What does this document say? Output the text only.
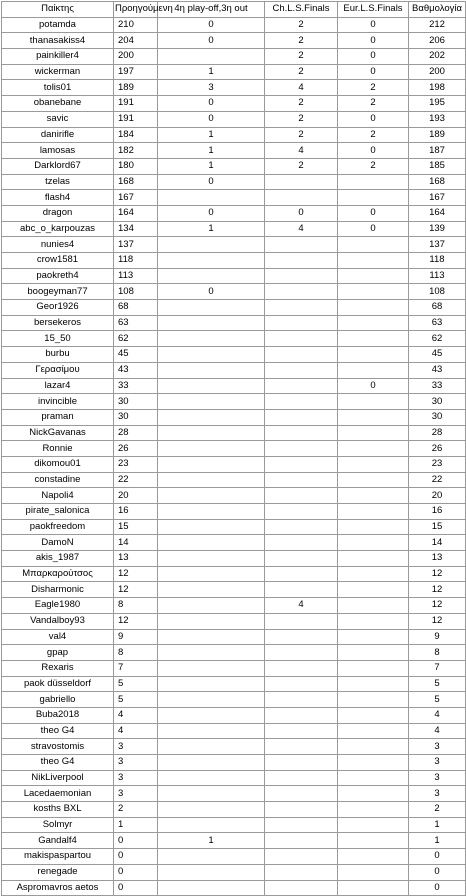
Παίκτης	Προηγούμενη	4η play-off,3η out	Ch.L.S.Finals	Eur.L.S.Finals	Βαθμολογία
potamda	210	0	2	0	212
thanasakiss4	204	0	2	0	206
painkiller4	200		2	0	202
wickerman	197	1	2	0	200
tolis01	189	3	4	2	198
obanebane	191	0	2	2	195
savic	191	0	2	0	193
danirifle	184	1	2	2	189
lamosas	182	1	4	0	187
Darklord67	180	1	2	2	185
tzelas	168	0			168
flash4	167				167
dragon	164	0	0	0	164
abc_o_karpouzas	134	1	4	0	139
nunies4	137				137
crow1581	118				118
paokreth4	113				113
boogeyman77	108	0			108
Geor1926	68				68
bersekeros	63				63
15_50	62				62
burbu	45				45
Γερασίμου	43				43
lazar4	33			0	33
invincible	30				30
praman	30				30
NickGavanas	28				28
Ronnie	26				26
dikomou01	23				23
constadine	22				22
Napoli4	20				20
pirate_salonica	16				16
paokfreedom	15				15
DamoN	14				14
akis_1987	13				13
Μπαρκαρούτσος	12				12
Disharmonic	12				12
Eagle1980	8		4		12
Vandalboy93	12				12
val4	9				9
gpap	8				8
Rexaris	7				7
paok düsseldorf	5				5
gabriello	5				5
Buba2018	4				4
theo G4	4				4
stravostomis	3				3
theo G4	3				3
NikLiverpool	3				3
Lacedaemonian	3				3
kosths BXL	2				2
Solmyr	1				1
Gandalf4	0	1			1
makispaspartou	0				0
renegade	0				0
Aspromavros aetos	0				0
